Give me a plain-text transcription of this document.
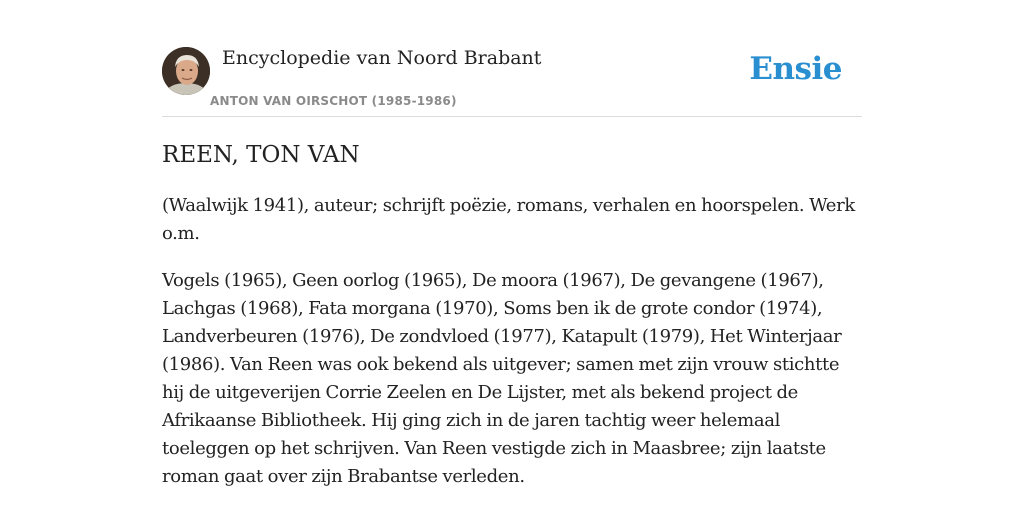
Encyclopedie van Noord Brabant
ANTON VAN OIRSCHOT (1985-1986)
Ensie
REEN, TON VAN

(Waalwijk 1941), auteur; schrijft poëzie, romans, verhalen en hoorspelen. Werk o.m.

Vogels (1965), Geen oorlog (1965), De moora (1967), De gevangene (1967), Lachgas (1968), Fata morgana (1970), Soms ben ik de grote condor (1974), Landverbeuren (1976), De zondvloed (1977), Katapult (1979), Het Winterjaar (1986). Van Reen was ook bekend als uitgever; samen met zijn vrouw stichtte hij de uitgeverijen Corrie Zeelen en De Lijster, met als bekend project de Afrikaanse Bibliotheek. Hij ging zich in de jaren tachtig weer helemaal toeleggen op het schrijven. Van Reen vestigde zich in Maasbree; zijn laatste roman gaat over zijn Brabantse verleden.
